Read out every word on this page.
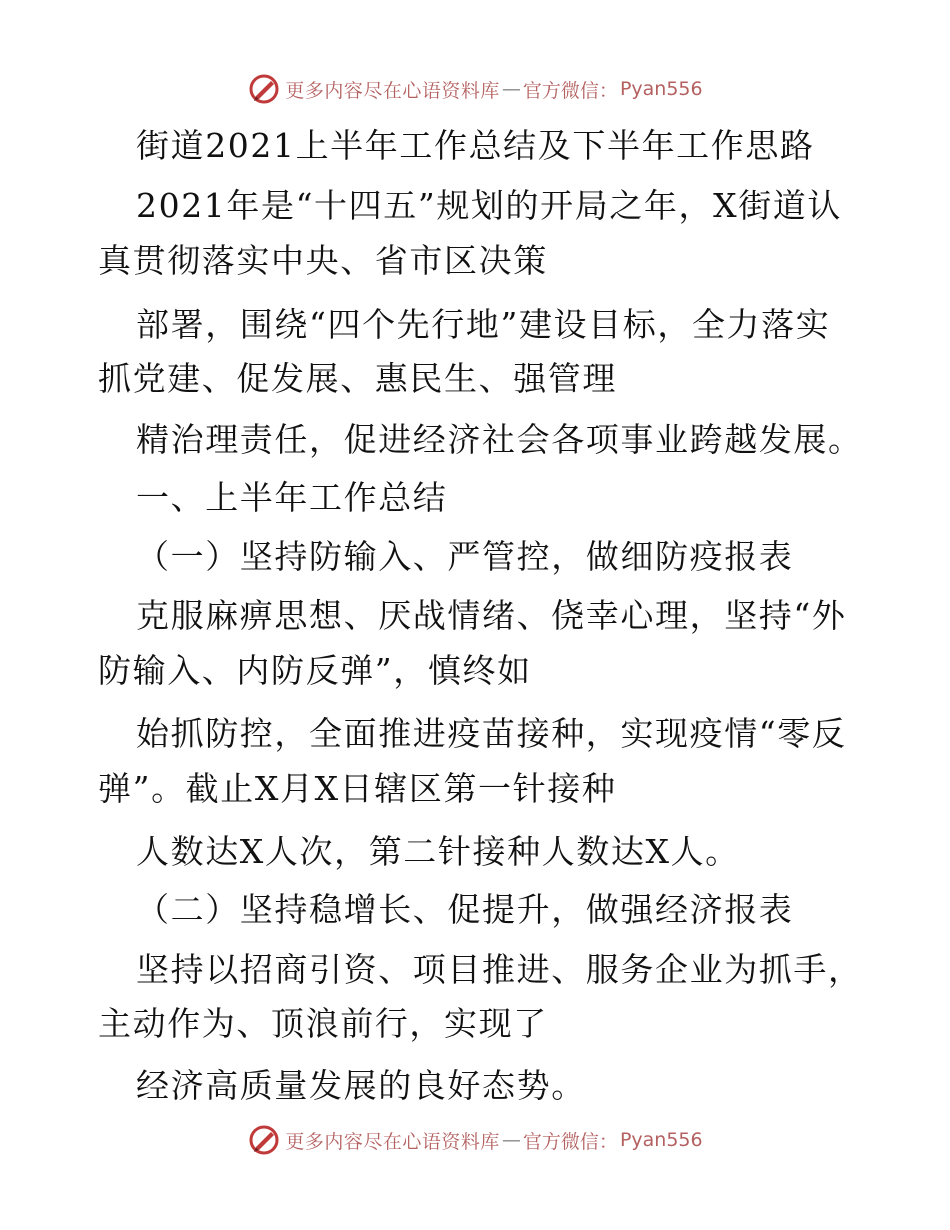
更多内容尽在心语资料库 — 官方微信： Pyan556
街道2021上半年工作总结及下半年工作思路
2021年是“十四五”规划的开局之年，X街道认
真贯彻落实中央、省市区决策
部署，围绕“四个先行地”建设目标，全力落实
抓党建、促发展、惠民生、强管理
精治理责任，促进经济社会各项事业跨越发展。
一、上半年工作总结
（一）坚持防输入、严管控，做细防疫报表
克服麻痹思想、厌战情绪、侥幸心理，坚持“外
防输入、内防反弹”，慎终如
始抓防控，全面推进疫苗接种，实现疫情“零反
弹”。截止X月X日辖区第一针接种
人数达X人次，第二针接种人数达X人。
（二）坚持稳增长、促提升，做强经济报表
坚持以招商引资、项目推进、服务企业为抓手，
主动作为、顶浪前行，实现了
经济高质量发展的良好态势。
更多内容尽在心语资料库 — 官方微信： Pyan556
